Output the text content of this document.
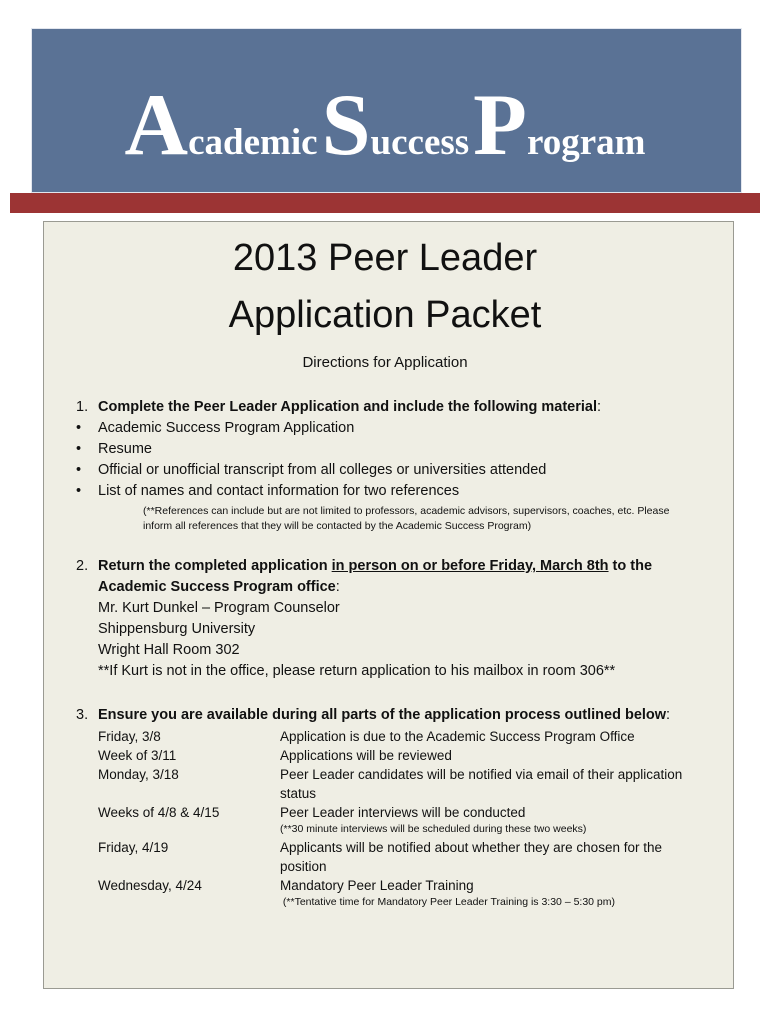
Academic Success Program
2013 Peer Leader
Application Packet
Directions for Application
1. Complete the Peer Leader Application and include the following material:
• Academic Success Program Application
• Resume
• Official or unofficial transcript from all colleges or universities attended
• List of names and contact information for two references
(**References can include but are not limited to professors, academic advisors, supervisors, coaches, etc. Please
inform all references that they will be contacted by the Academic Success Program)
2. Return the completed application in person on or before Friday, March 8th to the
Academic Success Program office:
Mr. Kurt Dunkel – Program Counselor
Shippensburg University
Wright Hall Room 302
**If Kurt is not in the office, please return application to his mailbox in room 306**
3. Ensure you are available during all parts of the application process outlined below:
Friday, 3/8	Application is due to the Academic Success Program Office
Week of 3/11	Applications will be reviewed
Monday, 3/18	Peer Leader candidates will be notified via email of their application
status
Weeks of 4/8 & 4/15	Peer Leader interviews will be conducted
(**30 minute interviews will be scheduled during these two weeks)
Friday, 4/19	Applicants will be notified about whether they are chosen for the
position
Wednesday, 4/24	Mandatory Peer Leader Training
(**Tentative time for Mandatory Peer Leader Training is 3:30 – 5:30 pm)
